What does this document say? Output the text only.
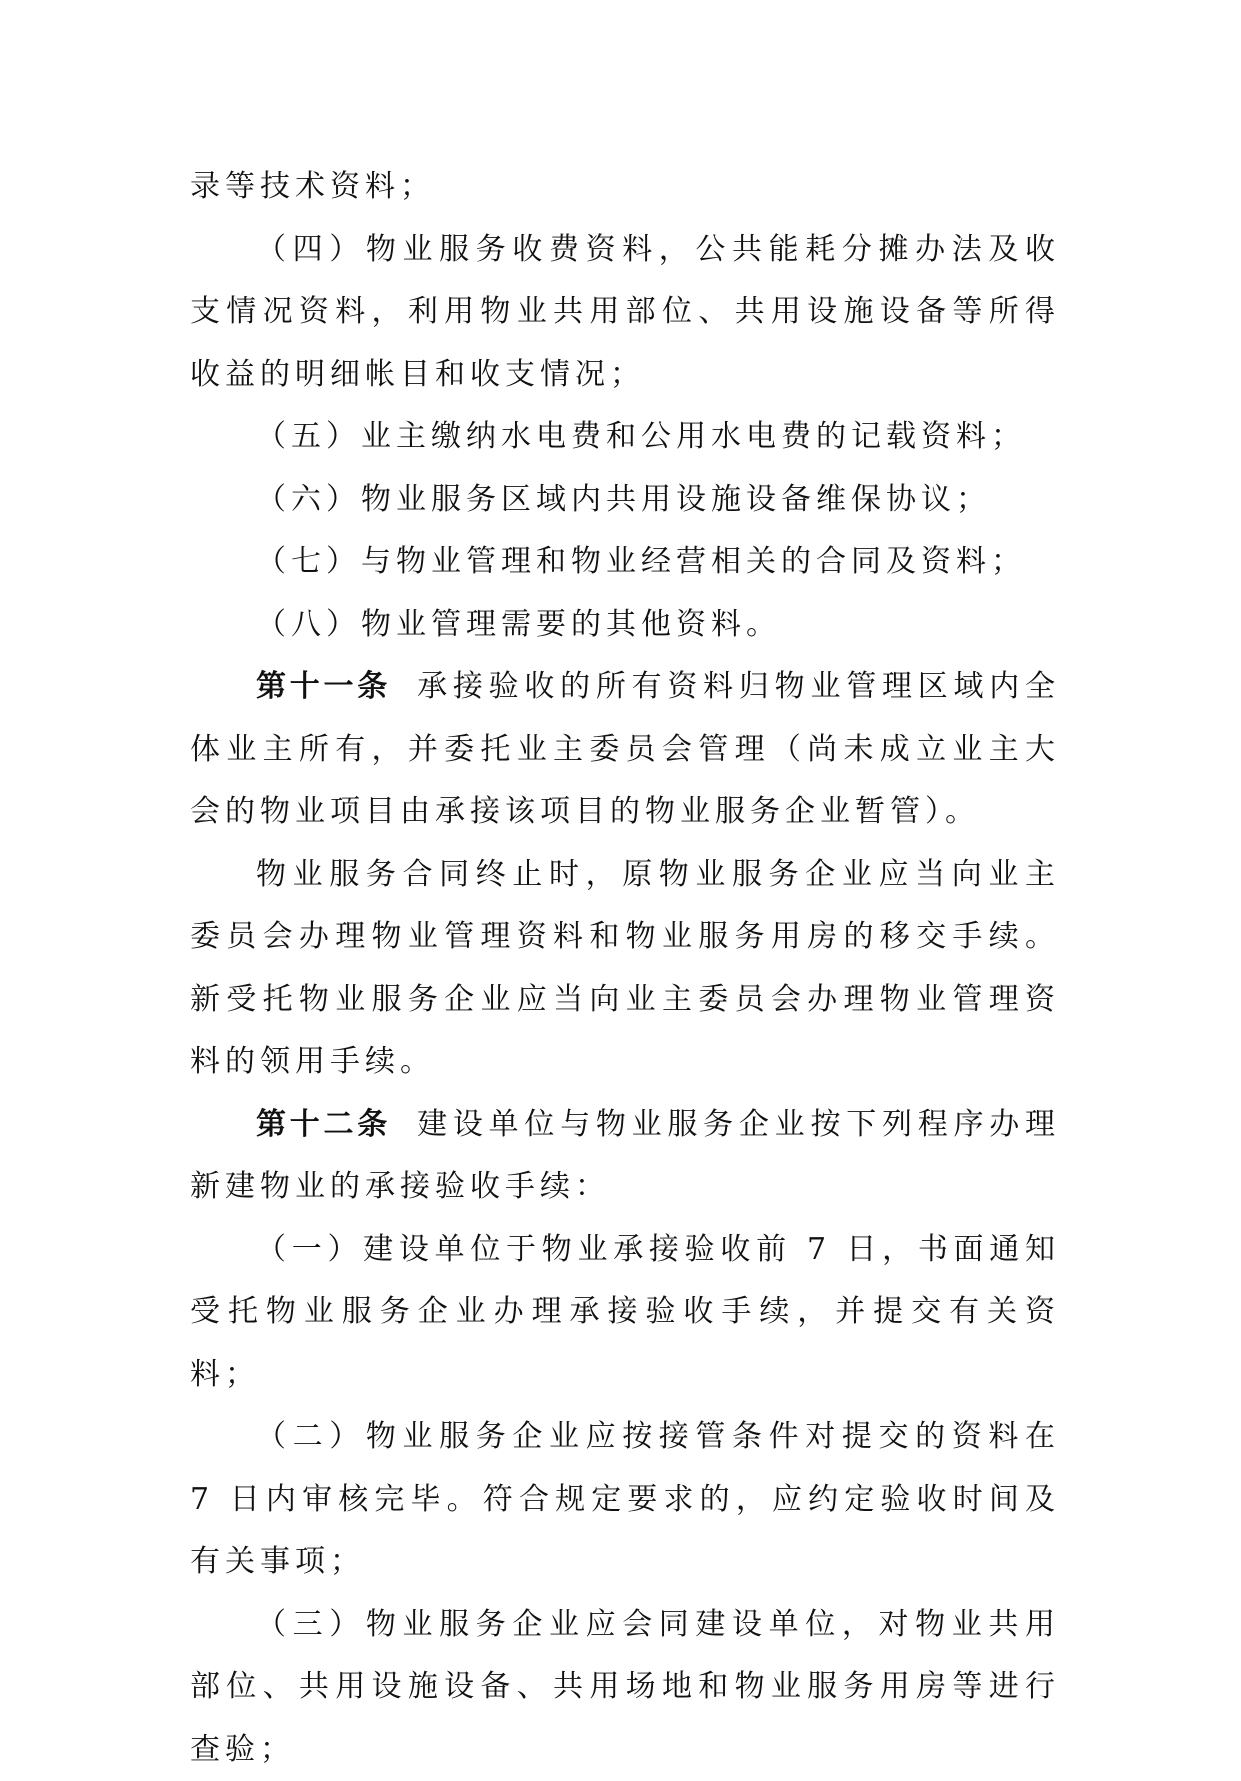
录等技术资料；

（四）物业服务收费资料，公共能耗分摊办法及收支情况资料，利用物业共用部位、共用设施设备等所得收益的明细帐目和收支情况；

（五）业主缴纳水电费和公用水电费的记载资料；

（六）物业服务区域内共用设施设备维保协议；

（七）与物业管理和物业经营相关的合同及资料；

（八）物业管理需要的其他资料。

第十一条 承接验收的所有资料归物业管理区域内全体业主所有，并委托业主委员会管理（尚未成立业主大会的物业项目由承接该项目的物业服务企业暂管）。

物业服务合同终止时，原物业服务企业应当向业主委员会办理物业管理资料和物业服务用房的移交手续。新受托物业服务企业应当向业主委员会办理物业管理资料的领用手续。

第十二条 建设单位与物业服务企业按下列程序办理新建物业的承接验收手续：

（一）建设单位于物业承接验收前 7 日，书面通知受托物业服务企业办理承接验收手续，并提交有关资料；

（二）物业服务企业应按接管条件对提交的资料在 7 日内审核完毕。符合规定要求的，应约定验收时间及有关事项；

（三）物业服务企业应会同建设单位，对物业共用部位、共用设施设备、共用场地和物业服务用房等进行查验；
